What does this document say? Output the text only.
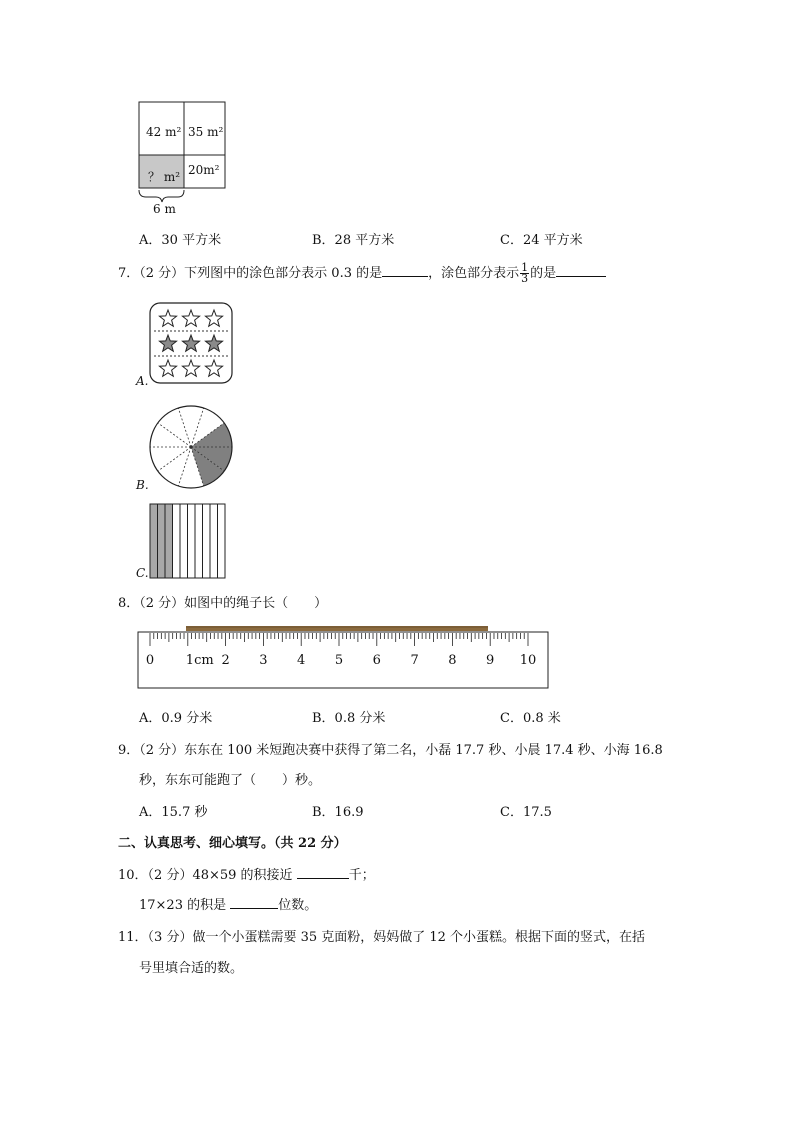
42 m² 35 m²
？ m² 20m²
6 m
A．30 平方米	B．28 平方米	C．24 平方米
7．（2 分）下列图中的涂色部分表示 0.3 的是	，涂色部分表示 $\frac{1}{3}$ 的是
A.
B.
C.
8．（2 分）如图中的绳子长（　　）
0 1cm 2 3 4 5 6 7 8 9 10
A．0.9 分米	B．0.8 分米	C．0.8 米
9．（2 分）东东在 100 米短跑决赛中获得了第二名，小磊 17.7 秒、小晨 17.4 秒、小海 16.8
秒，东东可能跑了（　　）秒。
A．15.7 秒	B．16.9	C．17.5
二、认真思考、细心填写。（共 22 分）
10．（2 分）48×59 的积接近	千；
17×23 的积是	位数。
11．（3 分）做一个小蛋糕需要 35 克面粉，妈妈做了 12 个小蛋糕。根据下面的竖式，在括
号里填合适的数。
